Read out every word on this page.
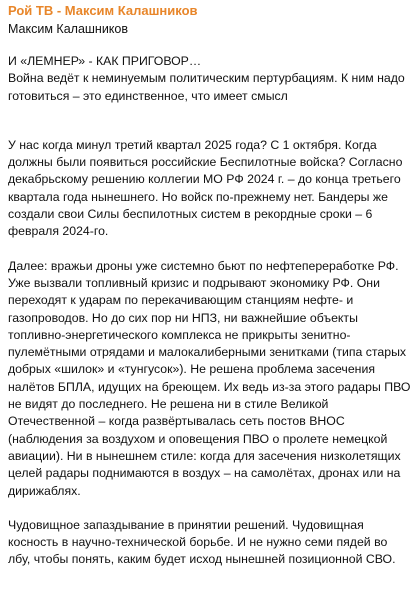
Рой ТВ - Максим Калашников
Максим Калашников

И «ЛЕМНЕР» - КАК ПРИГОВОР…

Война ведёт к неминуемым политическим пертурбациям. К ним надо готовиться – это единственное, что имеет смысл

У нас когда минул третий квартал 2025 года? С 1 октября. Когда должны были появиться российские Беспилотные войска? Согласно декабрьскому решению коллегии МО РФ 2024 г. – до конца третьего квартала года нынешнего. Но войск по-прежнему нет. Бандеры же создали свои Силы беспилотных систем в рекордные сроки – 6 февраля 2024-го.

Далее: вражьи дроны уже системно бьют по нефтепереработке РФ. Уже вызвали топливный кризис и подрывают экономику РФ. Они переходят к ударам по перекачивающим станциям нефте- и газопроводов. Но до сих пор ни НПЗ, ни важнейшие объекты топливно-энергетического комплекса не прикрыты зенитно-пулемётными отрядами и малокалиберными зенитками (типа старых добрых «шилок» и «тунгусок»). Не решена проблема засечения налётов БПЛА, идущих на бреющем. Их ведь из-за этого радары ПВО не видят до последнего. Не решена ни в стиле Великой Отечественной – когда развёртывалась сеть постов ВНОС (наблюдения за воздухом и оповещения ПВО о пролете немецкой авиации). Ни в нынешнем стиле: когда для засечения низколетящих целей радары поднимаются в воздух – на самолётах, дронах или на дирижаблях.

Чудовищное запаздывание в принятии решений. Чудовищная косность в научно-технической борьбе. И не нужно семи пядей во лбу, чтобы понять, каким будет исход нынешней позиционной СВО.
